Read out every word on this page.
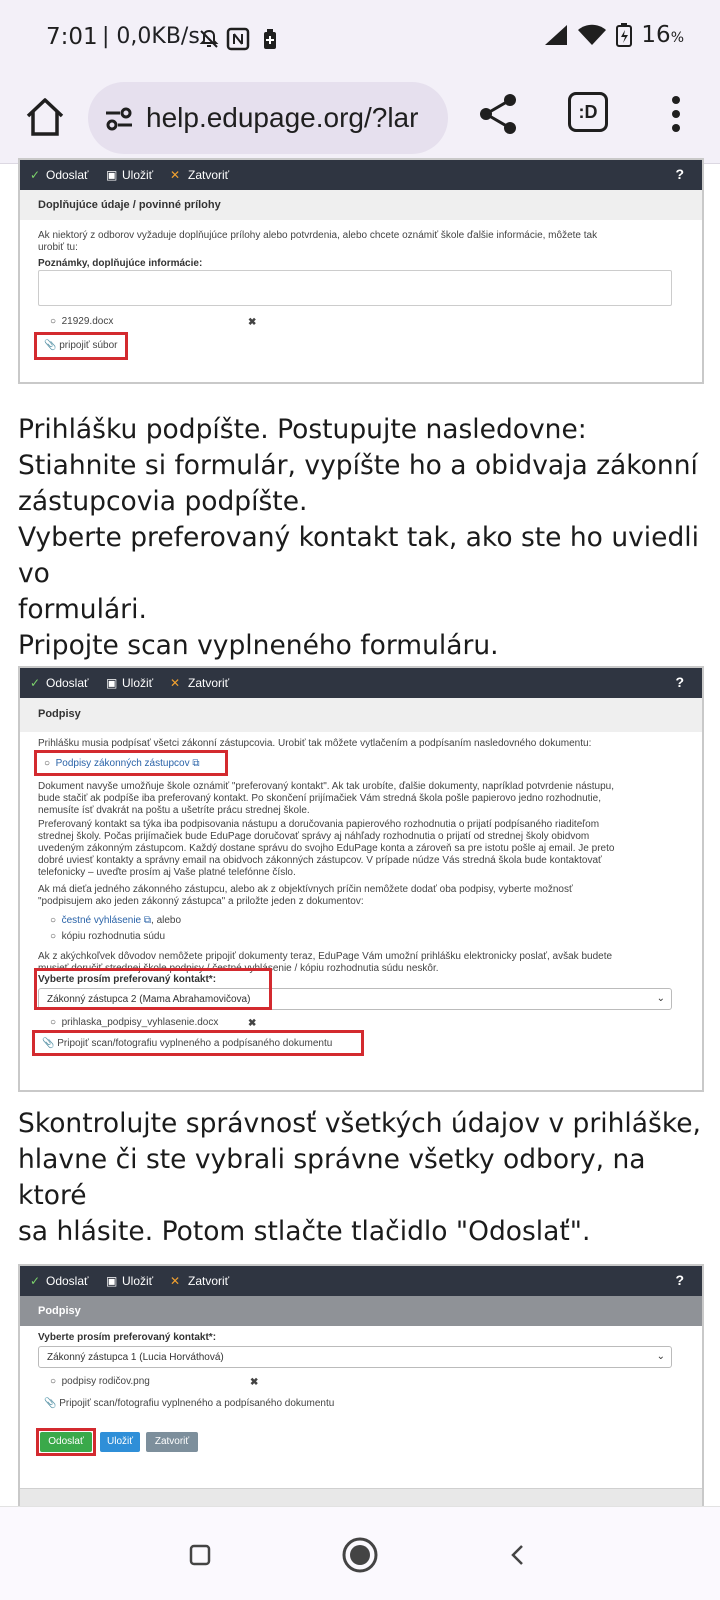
7:01 | 0,0KB/s	16%
help.edupage.org/?lar	:D
✓ Odoslať ▣ Uložiť ✕ Zatvoriť	?
Doplňujúce údaje / povinné prílohy
Ak niektorý z odborov vyžaduje doplňujúce prílohy alebo potvrdenia, alebo chcete oznámiť škole ďalšie informácie, môžete tak
urobiť tu:
Poznámky, doplňujúce informácie:
○  21929.docx	✖
📎 pripojiť súbor
Prihlášku podpíšte. Postupujte nasledovne:
Stiahnite si formulár, vypíšte ho a obidvaja zákonní
zástupcovia podpíšte.
Vyberte preferovaný kontakt tak, ako ste ho uviedli vo
formulári.
Pripojte scan vyplneného formuláru.
✓ Odoslať ▣ Uložiť ✕ Zatvoriť	?
Podpisy
Prihlášku musia podpísať všetci zákonní zástupcovia. Urobiť tak môžete vytlačením a podpísaním nasledovného dokumentu:
○  Podpisy zákonných zástupcov ⧉
Dokument navyše umožňuje škole oznámiť "preferovaný kontakt". Ak tak urobíte, ďalšie dokumenty, napríklad potvrdenie nástupu,
bude stačiť ak podpíše iba preferovaný kontakt. Po skončení prijímačiek Vám stredná škola pošle papierovo jedno rozhodnutie,
nemusíte ísť dvakrát na poštu a ušetríte prácu strednej škole.
Preferovaný kontakt sa týka iba podpisovania nástupu a doručovania papierového rozhodnutia o prijatí podpísaného riaditeľom
strednej školy. Počas prijímačiek bude EduPage doručovať správy aj náhľady rozhodnutia o prijatí od strednej školy obidvom
uvedeným zákonným zástupcom. Každý dostane správu do svojho EduPage konta a zároveň sa pre istotu pošle aj email. Je preto
dobré uviesť kontakty a správny email na obidvoch zákonných zástupcov. V prípade núdze Vás stredná škola bude kontaktovať
telefonicky – uveďte prosím aj Vaše platné telefónne číslo.
Ak má dieťa jedného zákonného zástupcu, alebo ak z objektívnych príčin nemôžete dodať oba podpisy, vyberte možnosť
"podpisujem ako jeden zákonný zástupca" a priložte jeden z dokumentov:
○  čestné vyhlásenie ⧉, alebo
○  kópiu rozhodnutia súdu
Ak z akýchkoľvek dôvodov nemôžete pripojiť dokumenty teraz, EduPage Vám umožní prihlášku elektronicky poslať, avšak budete
musieť doručiť strednej škole podpisy / čestné vyhlásenie / kópiu rozhodnutia súdu neskôr.
Vyberte prosím preferovaný kontakt*:
Zákonný zástupca 2 (Mama Abrahamovičova)	⌄
○  prihlaska_podpisy_vyhlasenie.docx	✖
📎 Pripojiť scan/fotografiu vyplneného a podpísaného dokumentu
Skontrolujte správnosť všetkých údajov v prihláške,
hlavne či ste vybrali správne všetky odbory, na ktoré
sa hlásite. Potom stlačte tlačidlo "Odoslať".
✓ Odoslať ▣ Uložiť ✕ Zatvoriť	?
Podpisy
Vyberte prosím preferovaný kontakt*:
Zákonný zástupca 1 (Lucia Horváthová)	⌄
○  podpisy rodičov.png	✖
📎 Pripojiť scan/fotografiu vyplneného a podpísaného dokumentu
Odoslať	Uložiť	Zatvoriť
